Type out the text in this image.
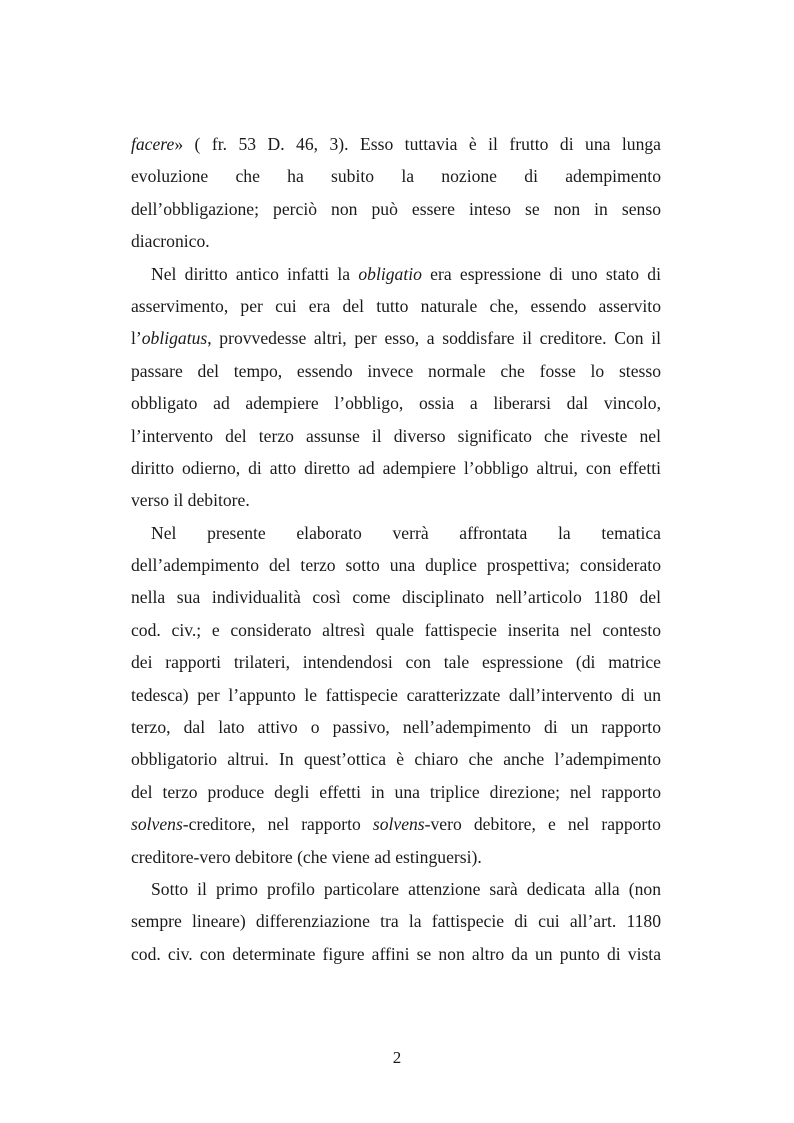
facere» ( fr. 53 D. 46, 3). Esso tuttavia è il frutto di una lunga
evoluzione che ha subito la nozione di adempimento
dell’obbligazione; perciò non può essere inteso se non in senso
diacronico.
Nel diritto antico infatti la obligatio era espressione di uno stato di
asservimento, per cui era del tutto naturale che, essendo asservito
l’obligatus, provvedesse altri, per esso, a soddisfare il creditore. Con il
passare del tempo, essendo invece normale che fosse lo stesso
obbligato ad adempiere l’obbligo, ossia a liberarsi dal vincolo,
l’intervento del terzo assunse il diverso significato che riveste nel
diritto odierno, di atto diretto ad adempiere l’obbligo altrui, con effetti
verso il debitore.
Nel presente elaborato verrà affrontata la tematica
dell’adempimento del terzo sotto una duplice prospettiva; considerato
nella sua individualità così come disciplinato nell’articolo 1180 del
cod. civ.; e considerato altresì quale fattispecie inserita nel contesto
dei rapporti trilateri, intendendosi con tale espressione (di matrice
tedesca) per l’appunto le fattispecie caratterizzate dall’intervento di un
terzo, dal lato attivo o passivo, nell’adempimento di un rapporto
obbligatorio altrui. In quest’ottica è chiaro che anche l’adempimento
del terzo produce degli effetti in una triplice direzione; nel rapporto
solvens-creditore, nel rapporto solvens-vero debitore, e nel rapporto
creditore-vero debitore (che viene ad estinguersi).
Sotto il primo profilo particolare attenzione sarà dedicata alla (non
sempre lineare) differenziazione tra la fattispecie di cui all’art. 1180
cod. civ. con determinate figure affini se non altro da un punto di vista
2
